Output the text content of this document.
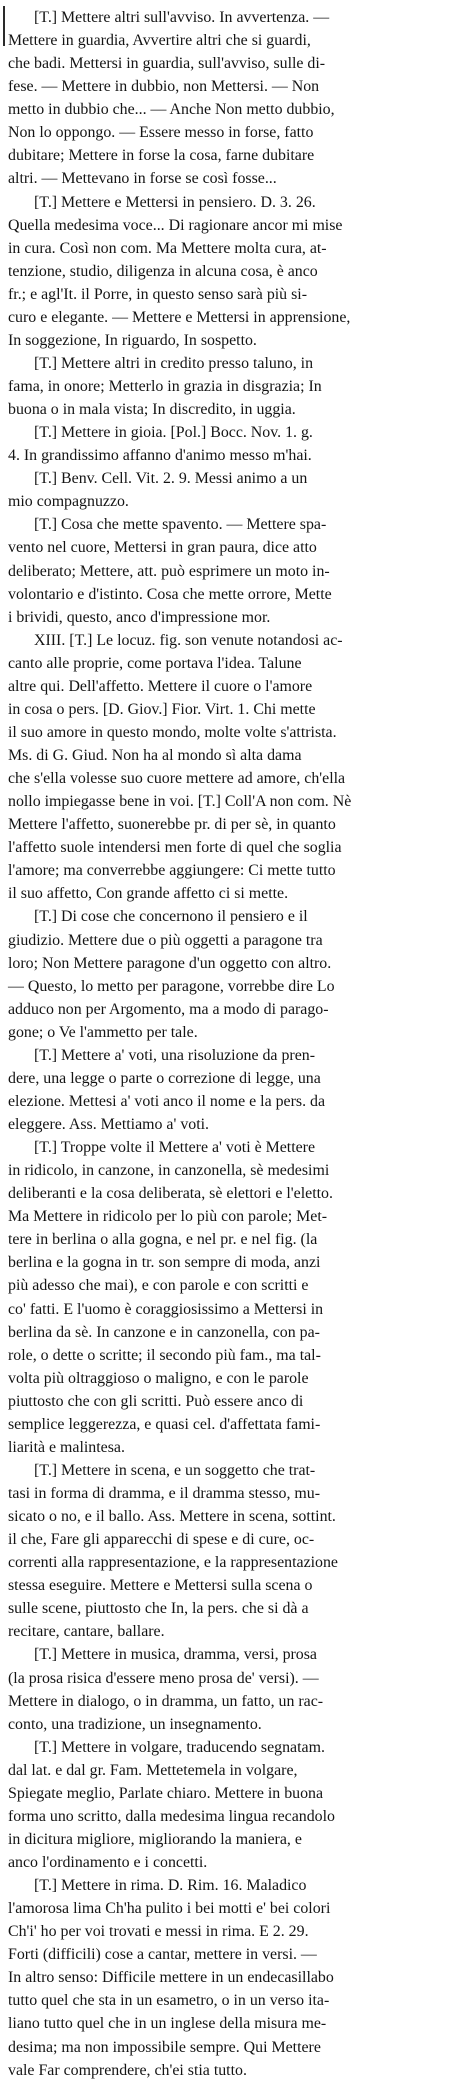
[T.] Mettere altri sull'avviso. In avvertenza. —
Mettere in guardia, Avvertire altri che si guardi,
che badi. Mettersi in guardia, sull'avviso, sulle di-
fese. — Mettere in dubbio, non Mettersi. — Non
metto in dubbio che... — Anche Non metto dubbio,
Non lo oppongo. — Essere messo in forse, fatto
dubitare; Mettere in forse la cosa, farne dubitare
altri. — Mettevano in forse se così fosse...
[T.] Mettere e Mettersi in pensiero. D. 3. 26.
Quella medesima voce... Di ragionare ancor mi mise
in cura. Così non com. Ma Mettere molta cura, at-
tenzione, studio, diligenza in alcuna cosa, è anco
fr.; e agl'It. il Porre, in questo senso sarà più si-
curo e elegante. — Mettere e Mettersi in apprensione,
In soggezione, In riguardo, In sospetto.
[T.] Mettere altri in credito presso taluno, in
fama, in onore; Metterlo in grazia in disgrazia; In
buona o in mala vista; In discredito, in uggia.
[T.] Mettere in gioia. [Pol.] Bocc. Nov. 1. g.
4. In grandissimo affanno d'animo messo m'hai.
[T.] Benv. Cell. Vit. 2. 9. Messi animo a un
mio compagnuzzo.
[T.] Cosa che mette spavento. — Mettere spa-
vento nel cuore, Mettersi in gran paura, dice atto
deliberato; Mettere, att. può esprimere un moto in-
volontario e d'istinto. Cosa che mette orrore, Mette
i brividi, questo, anco d'impressione mor.
XIII. [T.] Le locuz. fig. son venute notandosi ac-
canto alle proprie, come portava l'idea. Talune
altre qui. Dell'affetto. Mettere il cuore o l'amore
in cosa o pers. [D. Giov.] Fior. Virt. 1. Chi mette
il suo amore in questo mondo, molte volte s'attrista.
Ms. di G. Giud. Non ha al mondo sì alta dama
che s'ella volesse suo cuore mettere ad amore, ch'ella
nollo impiegasse bene in voi. [T.] Coll'A non com. Nè
Mettere l'affetto, suonerebbe pr. di per sè, in quanto
l'affetto suole intendersi men forte di quel che soglia
l'amore; ma converrebbe aggiungere: Ci mette tutto
il suo affetto, Con grande affetto ci si mette.
[T.] Di cose che concernono il pensiero e il
giudizio. Mettere due o più oggetti a paragone tra
loro; Non Mettere paragone d'un oggetto con altro.
— Questo, lo metto per paragone, vorrebbe dire Lo
adduco non per Argomento, ma a modo di parago-
gone; o Ve l'ammetto per tale.
[T.] Mettere a' voti, una risoluzione da pren-
dere, una legge o parte o correzione di legge, una
elezione. Mettesi a' voti anco il nome e la pers. da
eleggere. Ass. Mettiamo a' voti.
[T.] Troppe volte il Mettere a' voti è Mettere
in ridicolo, in canzone, in canzonella, sè medesimi
deliberanti e la cosa deliberata, sè elettori e l'eletto.
Ma Mettere in ridicolo per lo più con parole; Met-
tere in berlina o alla gogna, e nel pr. e nel fig. (la
berlina e la gogna in tr. son sempre di moda, anzi
più adesso che mai), e con parole e con scritti e
co' fatti. E l'uomo è coraggiosissimo a Mettersi in
berlina da sè. In canzone e in canzonella, con pa-
role, o dette o scritte; il secondo più fam., ma tal-
volta più oltraggioso o maligno, e con le parole
piuttosto che con gli scritti. Può essere anco di
semplice leggerezza, e quasi cel. d'affettata fami-
liarità e malintesa.
[T.] Mettere in scena, e un soggetto che trat-
tasi in forma di dramma, e il dramma stesso, mu-
sicato o no, e il ballo. Ass. Mettere in scena, sottint.
il che, Fare gli apparecchi di spese e di cure, oc-
correnti alla rappresentazione, e la rappresentazione
stessa eseguire. Mettere e Mettersi sulla scena o
sulle scene, piuttosto che In, la pers. che si dà a
recitare, cantare, ballare.
[T.] Mettere in musica, dramma, versi, prosa
(la prosa risica d'essere meno prosa de' versi). —
Mettere in dialogo, o in dramma, un fatto, un rac-
conto, una tradizione, un insegnamento.
[T.] Mettere in volgare, traducendo segnatam.
dal lat. e dal gr. Fam. Mettetemela in volgare,
Spiegate meglio, Parlate chiaro. Mettere in buona
forma uno scritto, dalla medesima lingua recandolo
in dicitura migliore, migliorando la maniera, e
anco l'ordinamento e i concetti.
[T.] Mettere in rima. D. Rim. 16. Maladico
l'amorosa lima Ch'ha pulito i bei motti e' bei colori
Ch'i' ho per voi trovati e messi in rima. E 2. 29.
Forti (difficili) cose a cantar, mettere in versi. —
In altro senso: Difficile mettere in un endecasillabo
tutto quel che sta in un esametro, o in un verso ita-
liano tutto quel che in un inglese della misura me-
desima; ma non impossibile sempre. Qui Mettere
vale Far comprendere, ch'ei stia tutto.
